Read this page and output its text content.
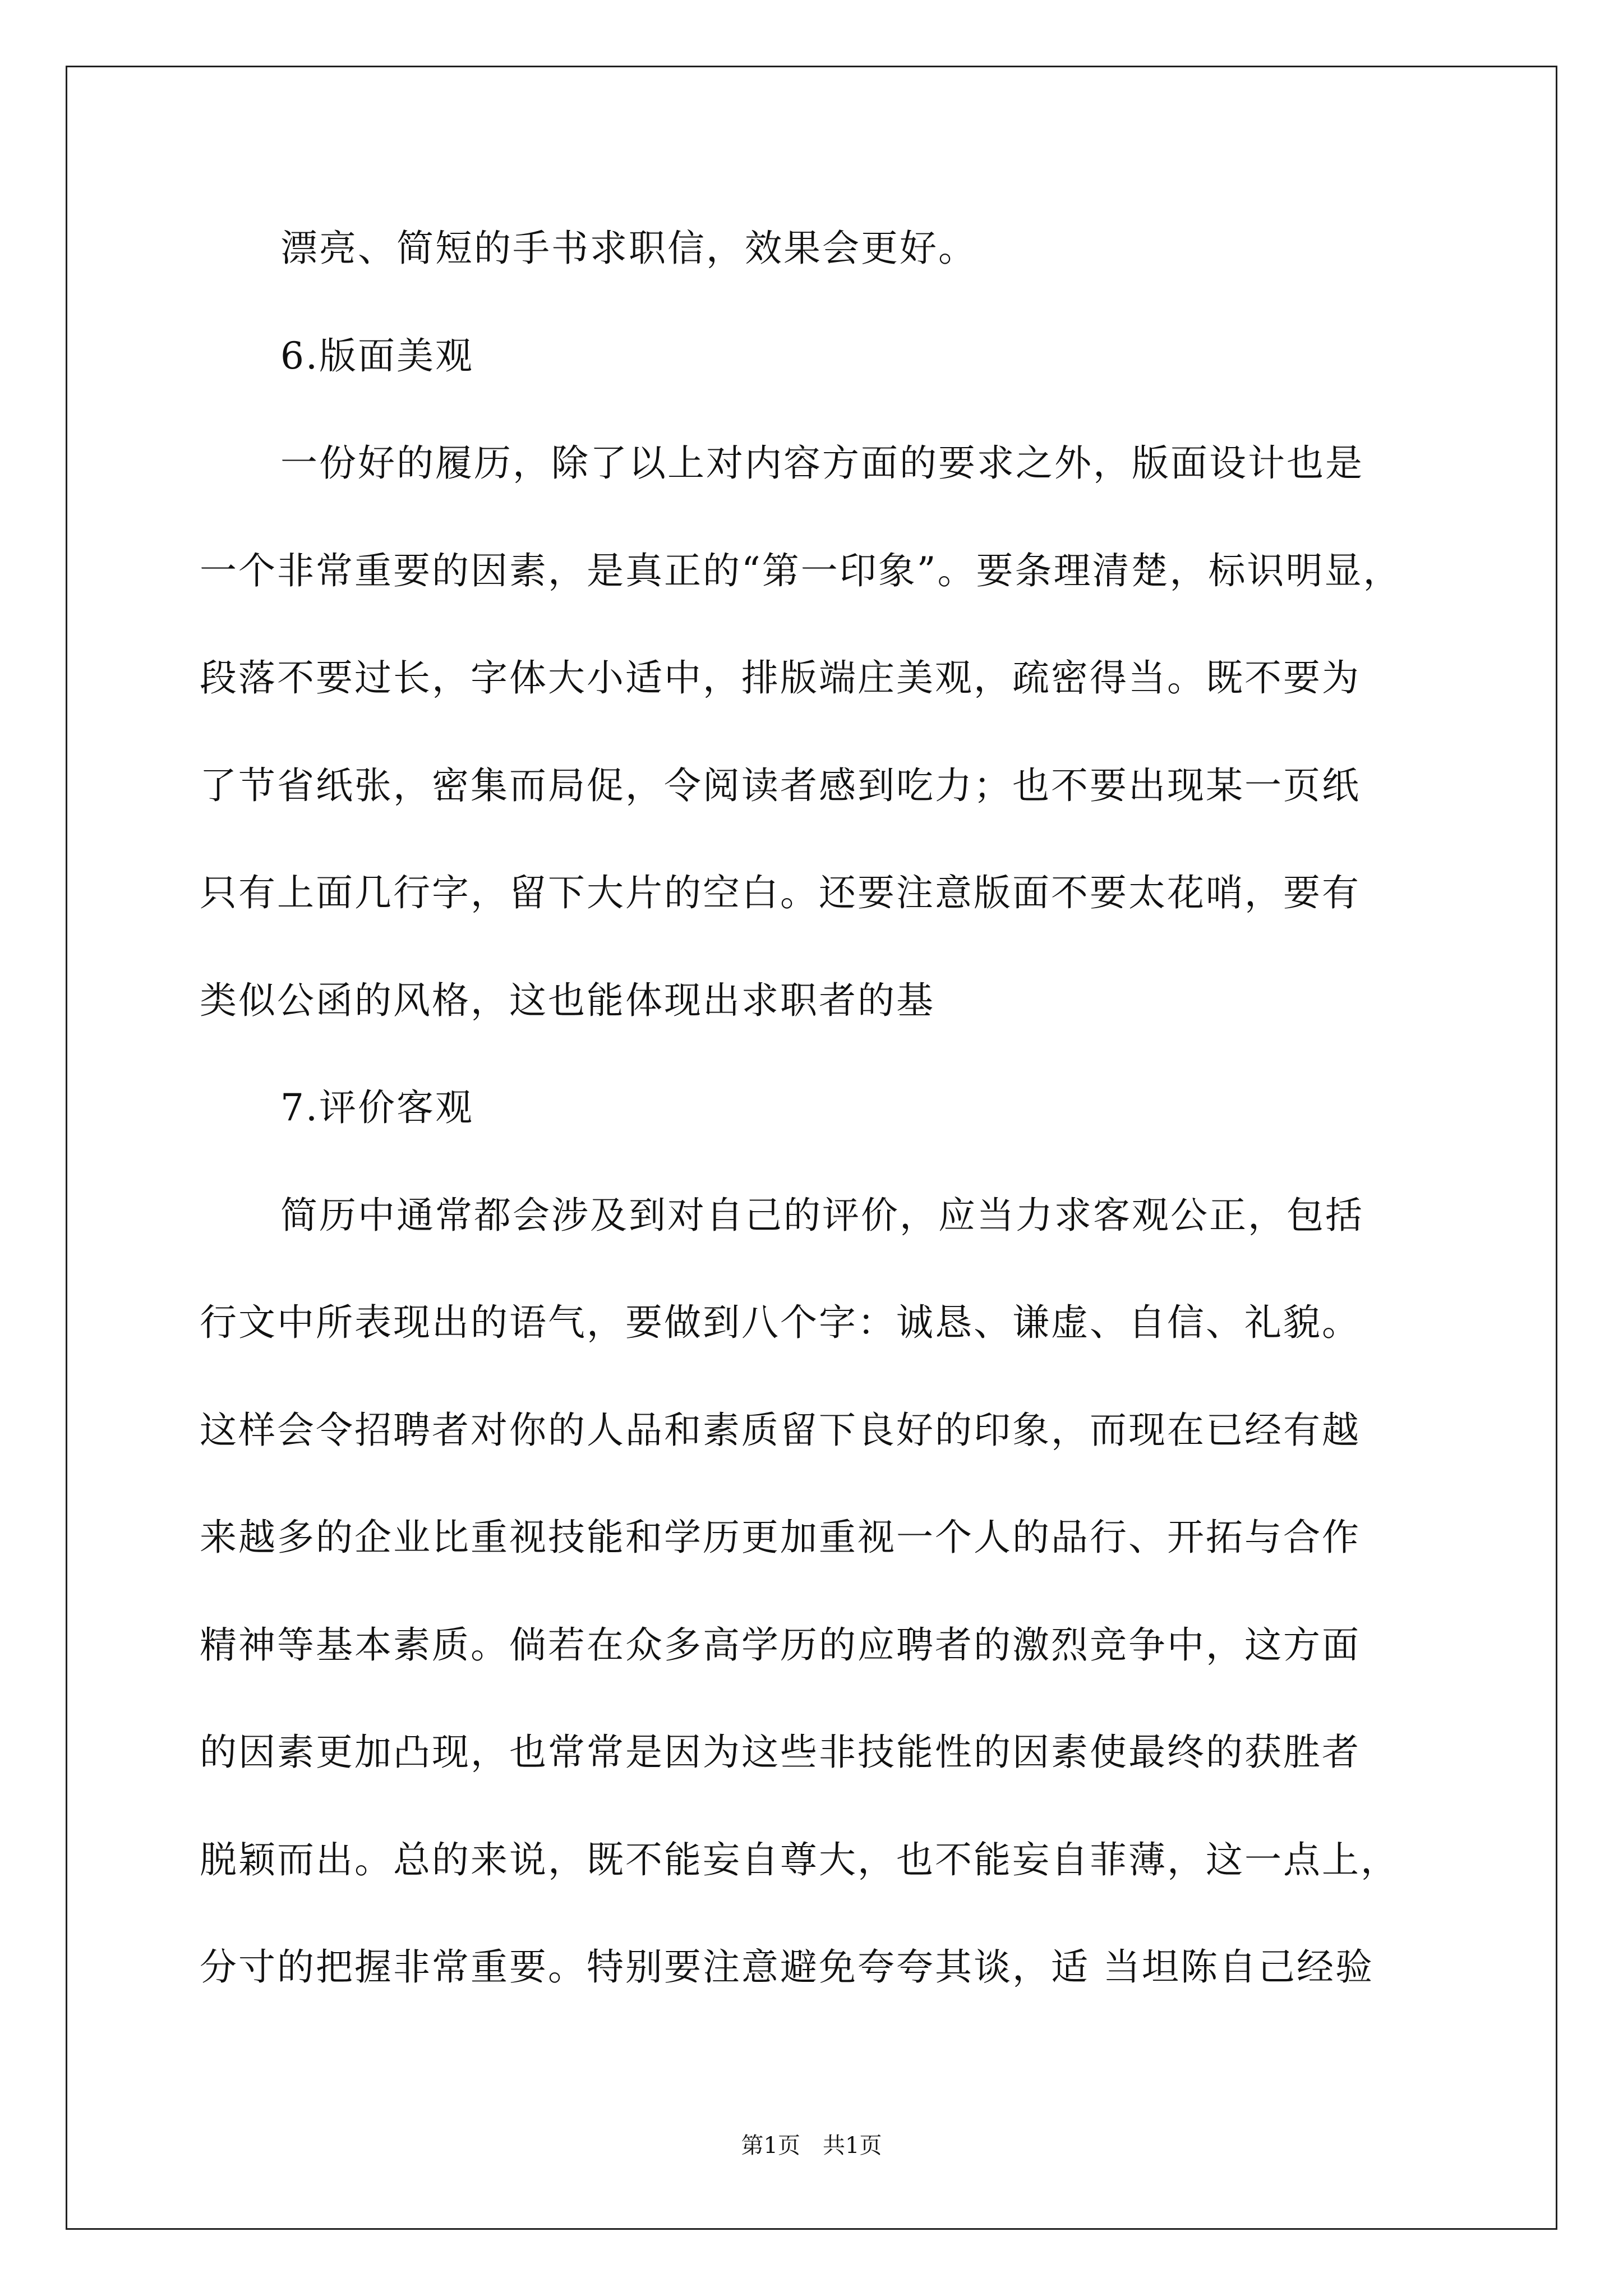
漂亮、简短的手书求职信，效果会更好。
6.版面美观
一份好的履历，除了以上对内容方面的要求之外，版面设计也是
一个非常重要的因素，是真正的“第一印象”。要条理清楚，标识明显，
段落不要过长，字体大小适中，排版端庄美观，疏密得当。既不要为
了节省纸张，密集而局促，令阅读者感到吃力；也不要出现某一页纸
只有上面几行字，留下大片的空白。还要注意版面不要太花哨，要有
类似公函的风格，这也能体现出求职者的基
7.评价客观
简历中通常都会涉及到对自己的评价，应当力求客观公正，包括
行文中所表现出的语气，要做到八个字：诚恳、谦虚、自信、礼貌。
这样会令招聘者对你的人品和素质留下良好的印象，而现在已经有越
来越多的企业比重视技能和学历更加重视一个人的品行、开拓与合作
精神等基本素质。倘若在众多高学历的应聘者的激烈竞争中，这方面
的因素更加凸现，也常常是因为这些非技能性的因素使最终的获胜者
脱颖而出。总的来说，既不能妄自尊大，也不能妄自菲薄，这一点上，
分寸的把握非常重要。特别要注意避免夸夸其谈，适 当坦陈自己经验
第1页　共1页
